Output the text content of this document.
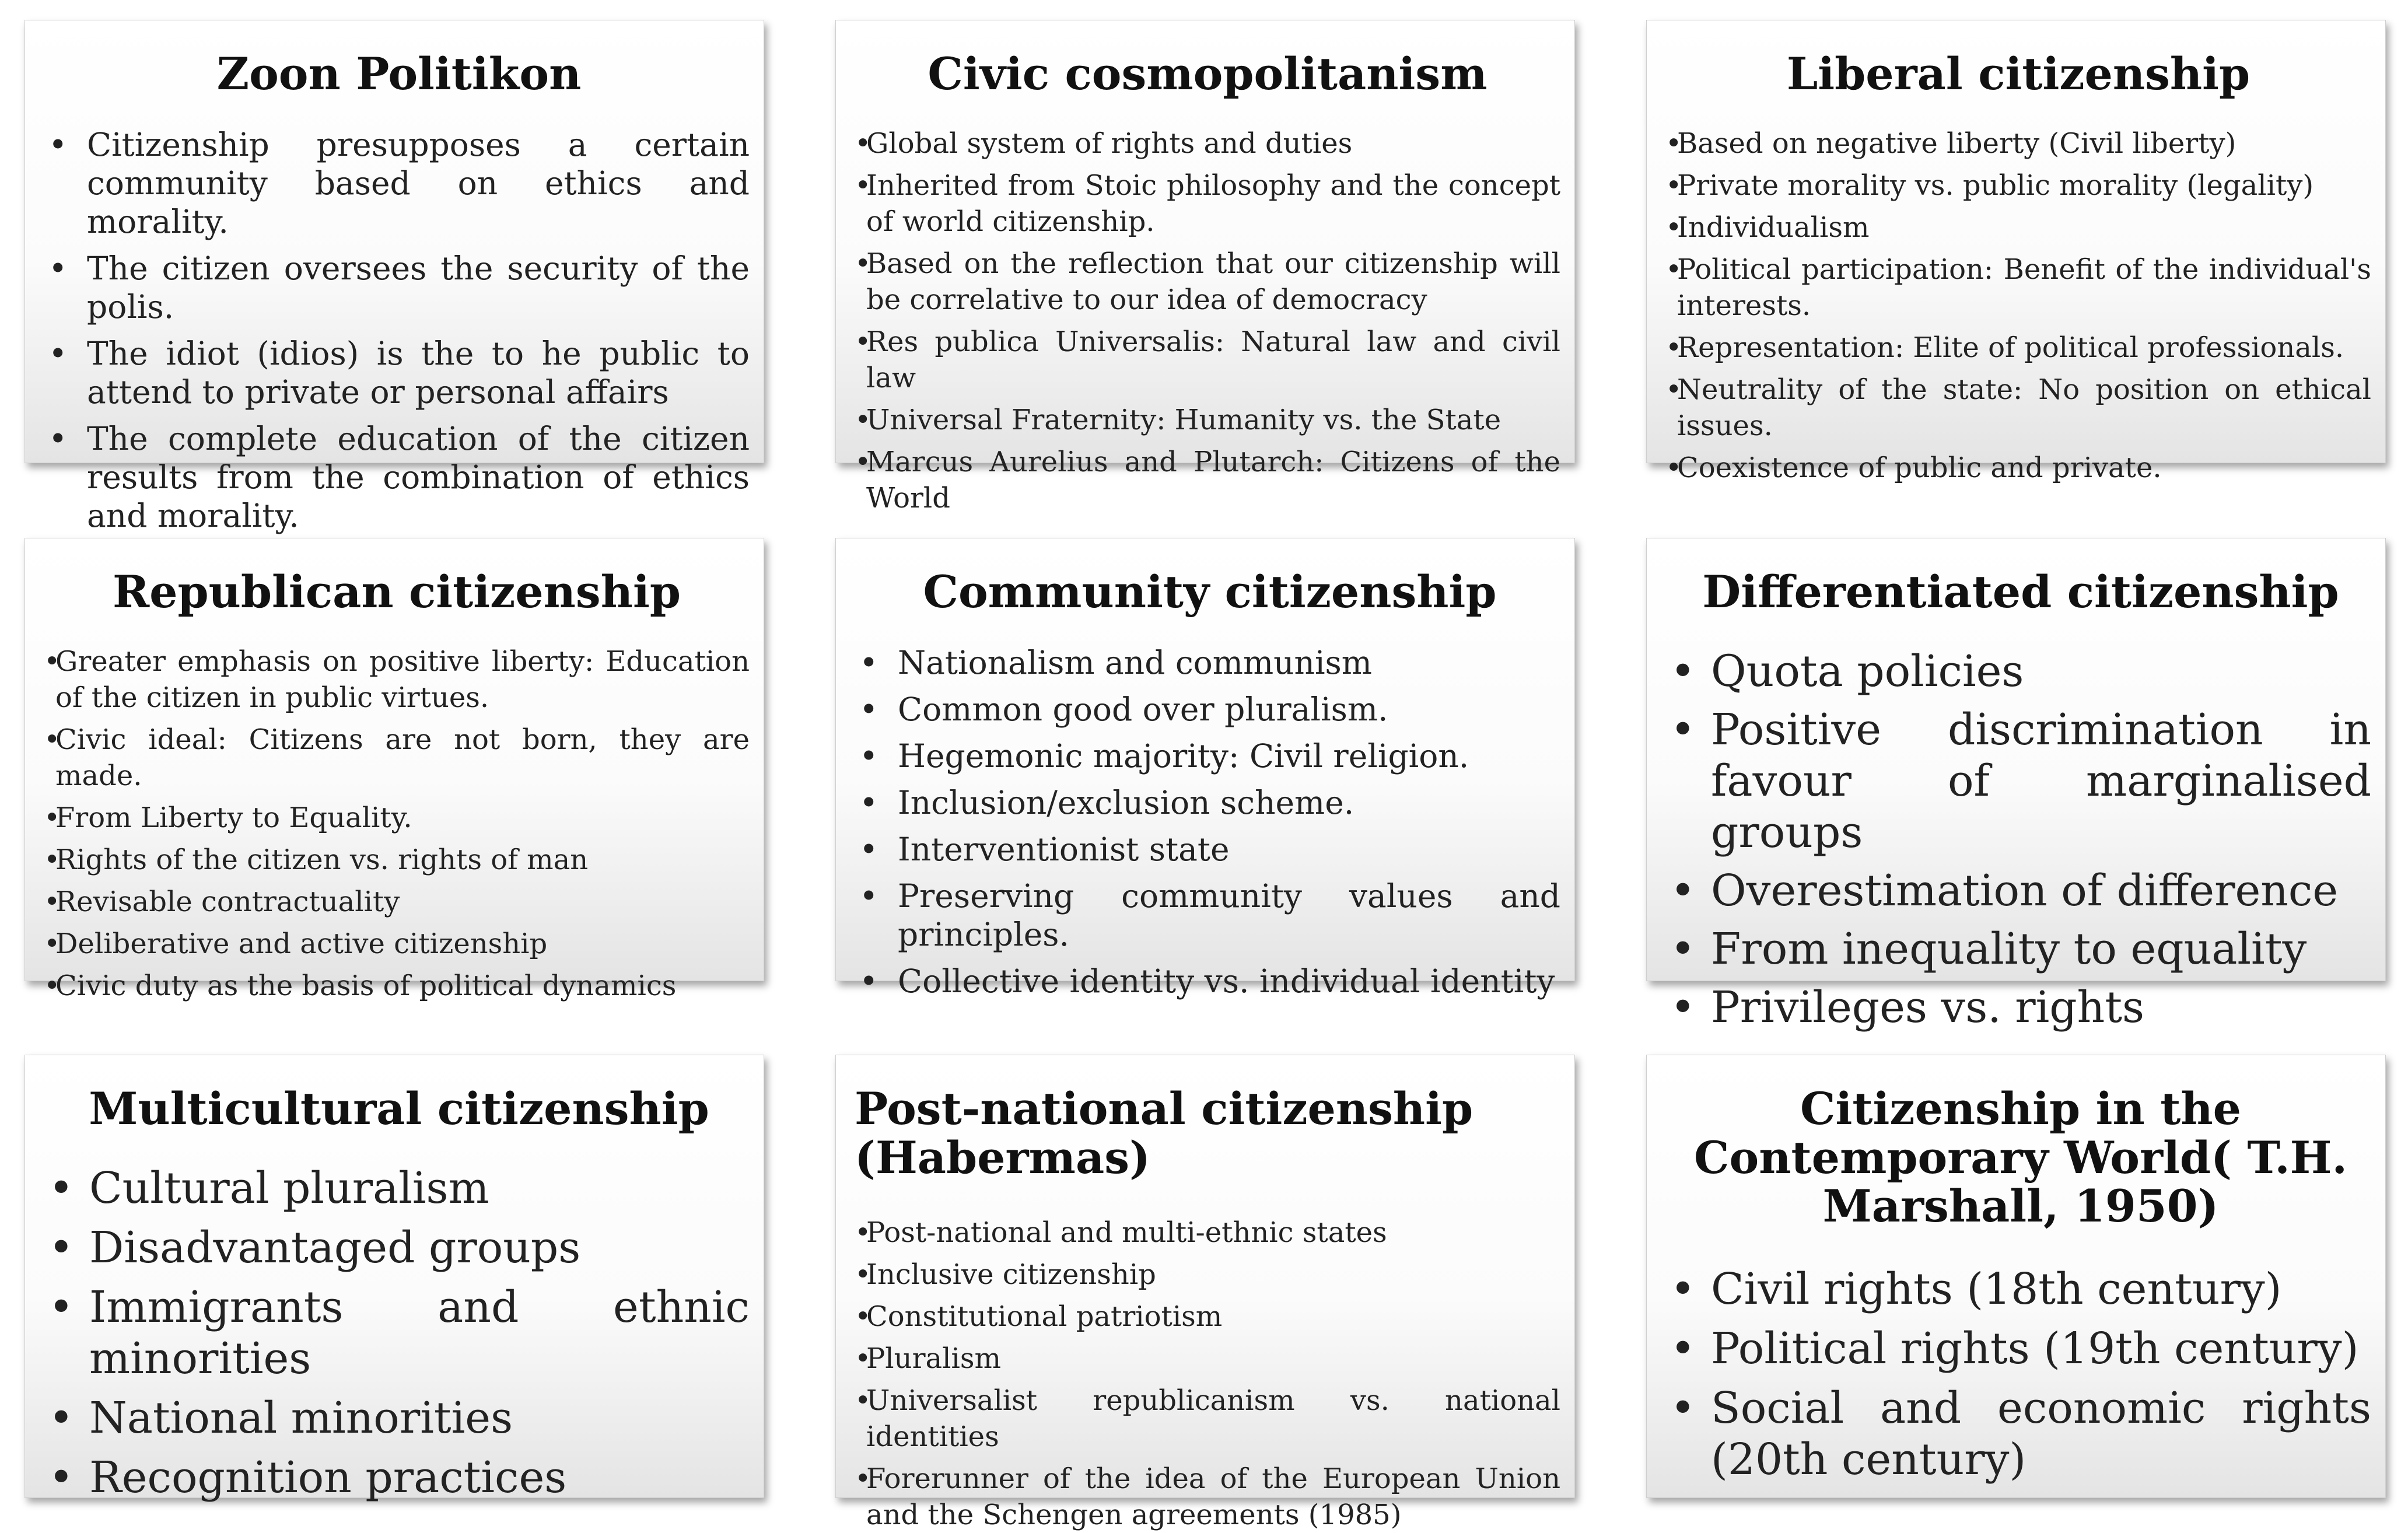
Zoon Politikon
• Citizenship presupposes a certain community based on ethics and morality.
• The citizen oversees the security of the polis.
• The idiot (idios) is the to he public to attend to private or personal affairs
• The complete education of the citizen results from the combination of ethics and morality.
Civic cosmopolitanism
•
Global system of rights and duties
•
Inherited from Stoic philosophy and the concept of world citizenship.
•
Based on the reflection that our citizenship will be correlative to our idea of democracy
•
Res publica Universalis: Natural law and civil law
•
Universal Fraternity: Humanity vs. the State
•
Marcus Aurelius and Plutarch: Citizens of the World
Liberal citizenship
•
Based on negative liberty (Civil liberty)
•
Private morality vs. public morality (legality)
•
Individualism
•
Political participation: Benefit of the individual's interests.
•
Representation: Elite of political professionals.
•
Neutrality of the state: No position on ethical issues.
•
Coexistence of public and private.
Republican citizenship
•
Greater emphasis on positive liberty: Education of the citizen in public virtues.
•
Civic ideal: Citizens are not born, they are made.
•
From Liberty to Equality.
•
Rights of the citizen vs. rights of man
•
Revisable contractuality
•
Deliberative and active citizenship
•
Civic duty as the basis of political dynamics
Community citizenship
• Nationalism and communism
• Common good over pluralism.
• Hegemonic majority: Civil religion.
• Inclusion/exclusion scheme.
• Interventionist state
• Preserving community values and principles.
• Collective identity vs. individual identity
Differentiated citizenship
• Quota policies
• Positive discrimination in favour of marginalised groups
• Overestimation of difference
• From inequality to equality
• Privileges vs. rights
Multicultural citizenship
• Cultural pluralism
• Disadvantaged groups
• Immigrants and ethnic minorities
• National minorities
• Recognition practices
Post-national citizenship (Habermas)
•
Post-national and multi-ethnic states
•
Inclusive citizenship
•
Constitutional patriotism
•
Pluralism
•
Universalist republicanism vs. national identities
•
Forerunner of the idea of the European Union and the Schengen agreements (1985)
Citizenship in the Contemporary World( T.H. Marshall, 1950)
• Civil rights (18th century)
• Political rights (19th century)
• Social and economic rights (20th century)
